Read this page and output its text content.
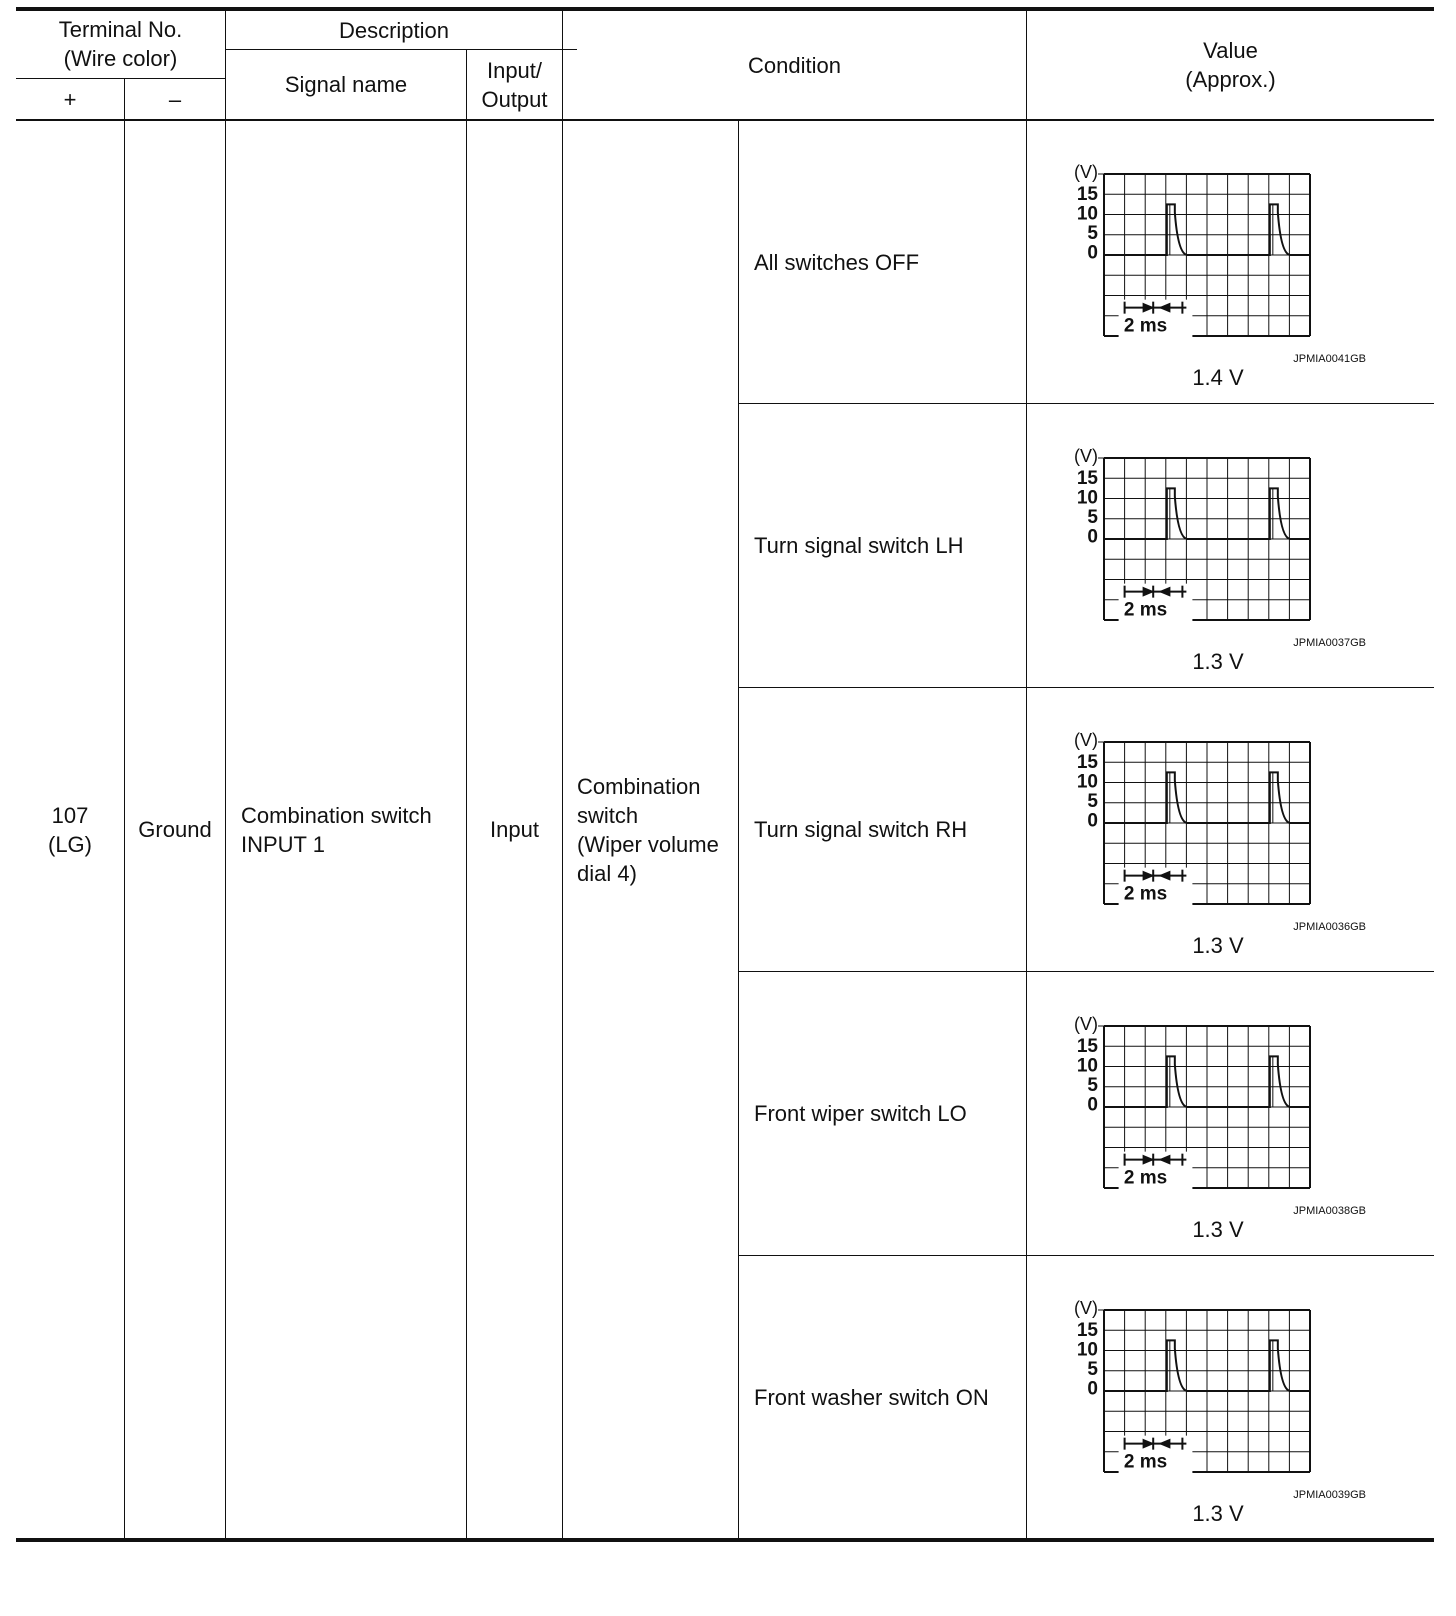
Terminal No.
(Wire color)
+	–
Description
Signal name
Input/
Output
Condition
Value
(Approx.)
107
(LG)
Ground
Combination switch
INPUT 1
Input
Combination
switch
(Wiper volume
dial 4)
All switches OFF
Turn signal switch LH
Turn signal switch RH
Front wiper switch LO
Front washer switch ON
(V)
15
10
5
0
2 ms
JPMIA0041GB
(V)
15
10
5
0
2 ms
JPMIA0037GB
(V)
15
10
5
0
2 ms
JPMIA0036GB
(V)
15
10
5
0
2 ms
JPMIA0038GB
(V)
15
10
5
0
2 ms
JPMIA0039GB
1.4 V
1.3 V
1.3 V
1.3 V
1.3 V
